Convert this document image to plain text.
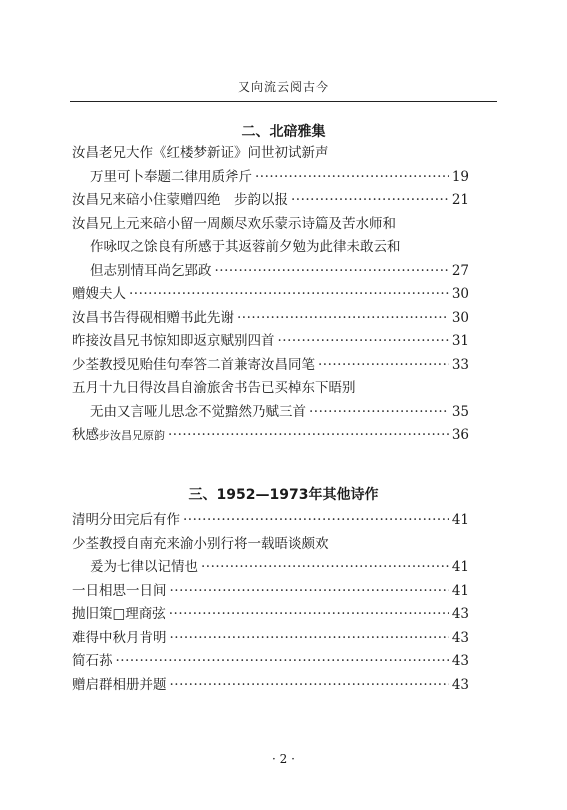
又向流云阅古今
二、北碚雅集
汝昌老兄大作《红楼梦新证》问世初试新声
万里可卜奉题二律用质斧斤 ·····	19
汝昌兄来碚小住蒙赠四绝　步韵以报 ·····	21
汝昌兄上元来碚小留一周颇尽欢乐蒙示诗篇及苦水师和
作咏叹之馀良有所感于其返蓉前夕勉为此律未敢云和
但志别情耳尚乞郢政 ·····	27
赠嫂夫人 ·····	30
汝昌书告得砚相赠书此先谢 ·····	30
昨接汝昌兄书惊知即返京赋别四首 ·····	31
少荃教授见贻佳句奉答二首兼寄汝昌同笔 ·····	33
五月十九日得汝昌自渝旅舍书告已买棹东下晤别
无由又言哑儿思念不觉黯然乃赋三首 ·····	35
秋感 步汝昌兄原韵 ·····	36
三、1952—1973年其他诗作
清明分田完后有作 ·····	41
少荃教授自南充来渝小别行将一载晤谈颇欢
爰为七律以记情也 ·····	41
一日相思一日间 ·····	41
抛旧策□理商弦 ·····	43
难得中秋月肯明 ·····	43
简石荪 ·····	43
赠启群相册并题 ·····	43
· 2 ·
